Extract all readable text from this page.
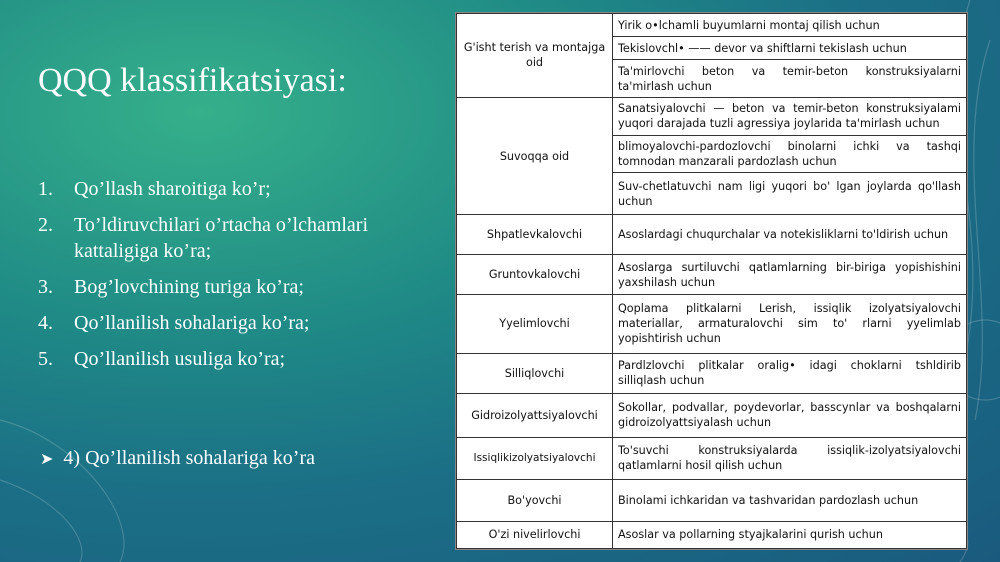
QQQ klassifikatsiyasi:
1.	Qo’llash sharoitiga ko’r;
2.	To’ldiruvchilari o’rtacha o’lchamlari kattaligiga ko’ra;
3.	Bog’lovchining turiga ko’ra;
4.	Qo’llanilish sohalariga ko’ra;
5.	Qo’llanilish usuliga ko’ra;
➤ 4) Qo’llanilish sohalariga ko’ra
G'isht terish va montajga oid	Yirik o•lchamli buyumlarni montaj qilish uchun
	Tekislovchl• —— devor va shiftlarni tekislash uchun
	Ta'mirlovchi beton va temir-beton konstruksiyalarni ta'mirlash uchun
Suvoqqa oid	Sanatsiyalovchi — beton va temir-beton konstruksiyalami yuqori darajada tuzli agressiya joylarida ta'mirlash uchun
	blimoyalovchi-pardozlovchi binolarni ichki va tashqi tomnodan manzarali pardozlash uchun
	Suv-chetlatuvchi nam ligi yuqori bo' lgan joylarda qo'llash uchun
Shpatlevkalovchi	Asoslardagi chuqurchalar va notekisliklarni to'ldirish uchun
Gruntovkalovchi	Asoslarga surtiluvchi qatlamlarning bir-biriga yopishishini yaxshilash uchun
Yyelimlovchi	Qoplama plitkalarni Lerish, issiqlik izolyatsiyalovchi materiallar, armaturalovchi sim to' rlarni yyelimlab yopishtirish uchun
Silliqlovchi	Pardlzlovchi plitkalar oralig• idagi choklarni tshldirib silliqlash uchun
Gidroizolyattsiyalovchi	Sokollar, podvallar, poydevorlar, basscynlar va boshqalarni gidroizolyattsiyalash uchun
Issiqlikizolyatsiyalovchi	To'suvchi konstruksiyalarda issiqlik-izolyatsiyalovchi qatlamlarni hosil qilish uchun
Bo'yovchi	Binolami ichkaridan va tashvaridan pardozlash uchun
O'zi nivelirlovchi	Asoslar va pollarning styajkalarini qurish uchun
